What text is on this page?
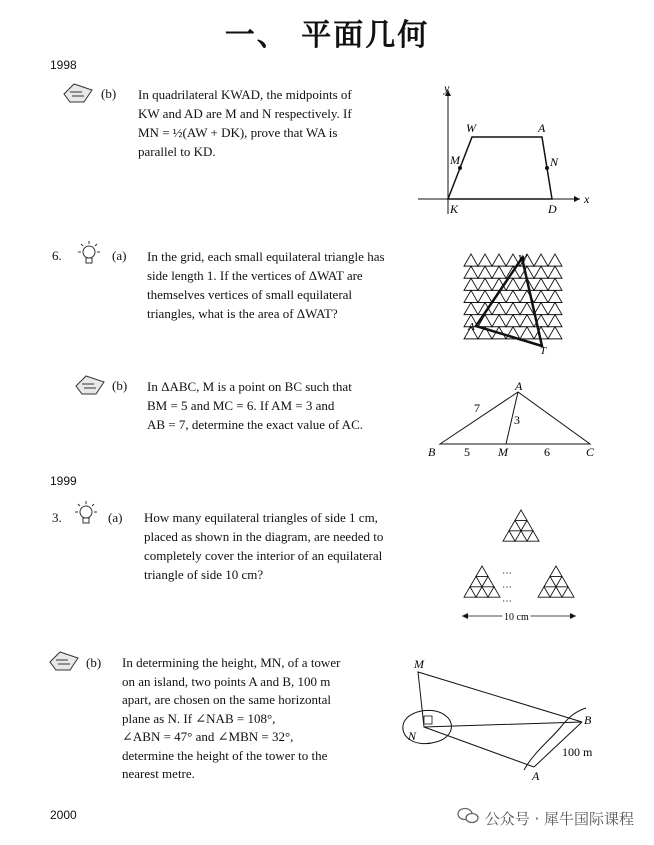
一、 平面几何
1998
(b) In quadrilateral KWAD, the midpoints of
KW and AD are M and N respectively. If
MN = ½(AW + DK), prove that WA is
parallel to KD.
y
x
W	A
M	N
K	D
6.	(a) In the grid, each small equilateral triangle has
side length 1. If the vertices of ΔWAT are
themselves vertices of small equilateral
triangles, what is the area of ΔWAT?
W
A
T
(b) In ΔABC, M is a point on BC such that
BM = 5 and MC = 6. If AM = 3 and
AB = 7, determine the exact value of AC.
A
B	M	C
7
3
5	6
1999
3.	(a) How many equilateral triangles of side 1 cm,
placed as shown in the diagram, are needed to
completely cover the interior of an equilateral
triangle of side 10 cm?	⋯
⋯
⋯
10 cm
(b) In determining the height, MN, of a tower
on an island, two points A and B, 100 m
apart, are chosen on the same horizontal
plane as N. If ∠NAB = 108°,
∠ABN = 47° and ∠MBN = 32°,
determine the height of the tower to the
nearest metre.
M
N
B
A
100 m
2000	公众号 · 犀牛国际课程
